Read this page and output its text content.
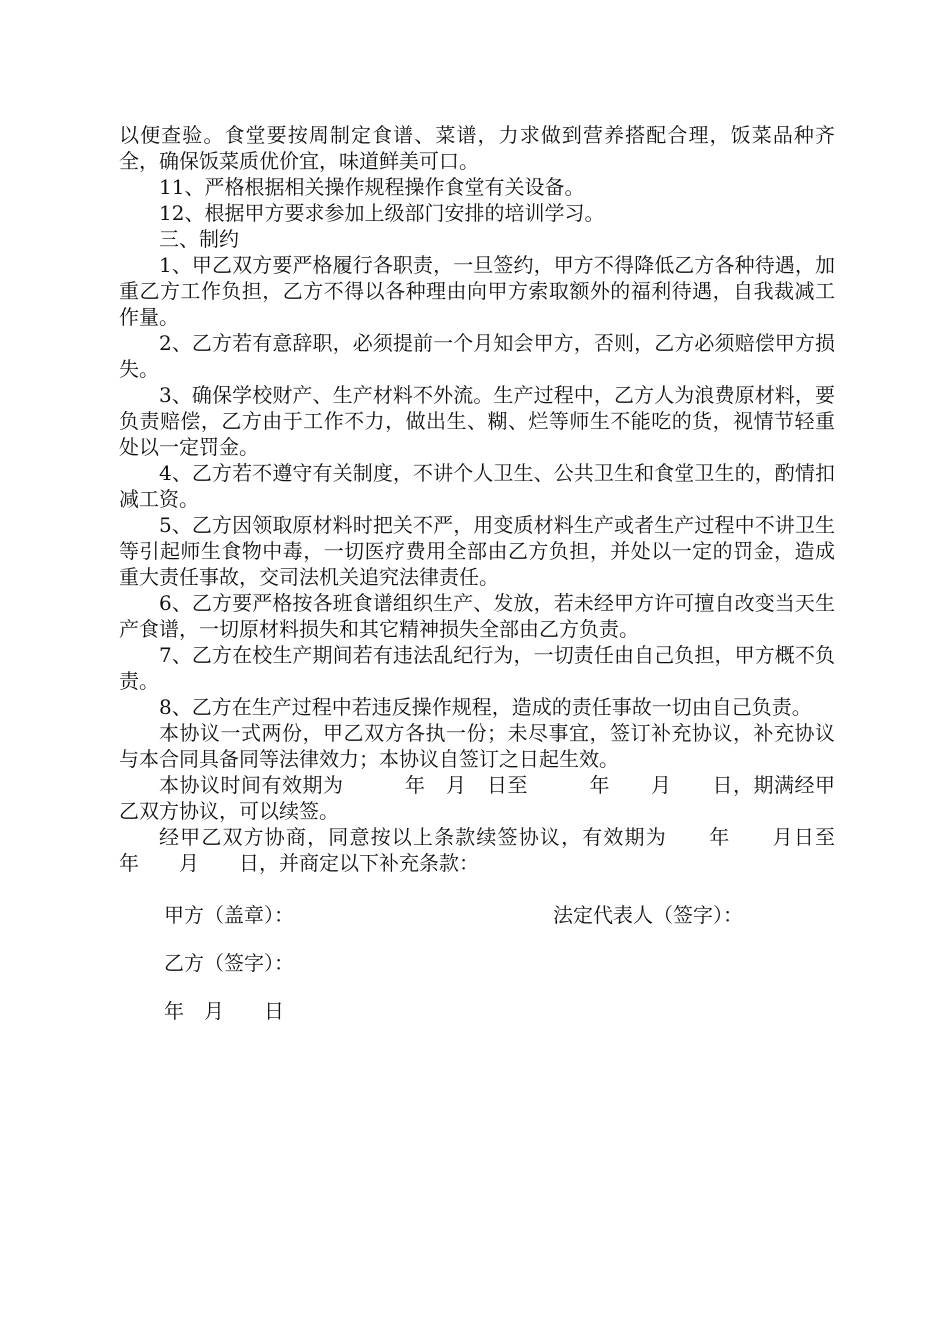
以便查验。食堂要按周制定食谱、菜谱，力求做到营养搭配合理，饭菜品种齐全，确保饭菜质优价宜，味道鲜美可口。

11、严格根据相关操作规程操作食堂有关设备。

12、根据甲方要求参加上级部门安排的培训学习。

三、制约

1、甲乙双方要严格履行各职责，一旦签约，甲方不得降低乙方各种待遇，加重乙方工作负担，乙方不得以各种理由向甲方索取额外的福利待遇，自我裁减工作量。

2、乙方若有意辞职，必须提前一个月知会甲方，否则，乙方必须赔偿甲方损失。

3、确保学校财产、生产材料不外流。生产过程中，乙方人为浪费原材料，要负责赔偿，乙方由于工作不力，做出生、糊、烂等师生不能吃的货，视情节轻重处以一定罚金。

4、乙方若不遵守有关制度，不讲个人卫生、公共卫生和食堂卫生的，酌情扣减工资。

5、乙方因领取原材料时把关不严，用变质材料生产或者生产过程中不讲卫生等引起师生食物中毒，一切医疗费用全部由乙方负担，并处以一定的罚金，造成重大责任事故，交司法机关追究法律责任。

6、乙方要严格按各班食谱组织生产、发放，若未经甲方许可擅自改变当天生产食谱，一切原材料损失和其它精神损失全部由乙方负责。

7、乙方在校生产期间若有违法乱纪行为，一切责任由自己负担，甲方概不负责。

8、乙方在生产过程中若违反操作规程，造成的责任事故一切由自己负责。

本协议一式两份，甲乙双方各执一份；未尽事宜，签订补充协议，补充协议与本合同具备同等法律效力；本协议自签订之日起生效。

本协议时间有效期为　　　年　月　日至　　　年　　月　　日，期满经甲乙双方协议，可以续签。

经甲乙双方协商，同意按以上条款续签协议，有效期为　　年　　月日至　　年　　月　　日，并商定以下补充条款：

甲方（盖章）：	法定代表人（签字）：
乙方（签字）：
年　月　　日
